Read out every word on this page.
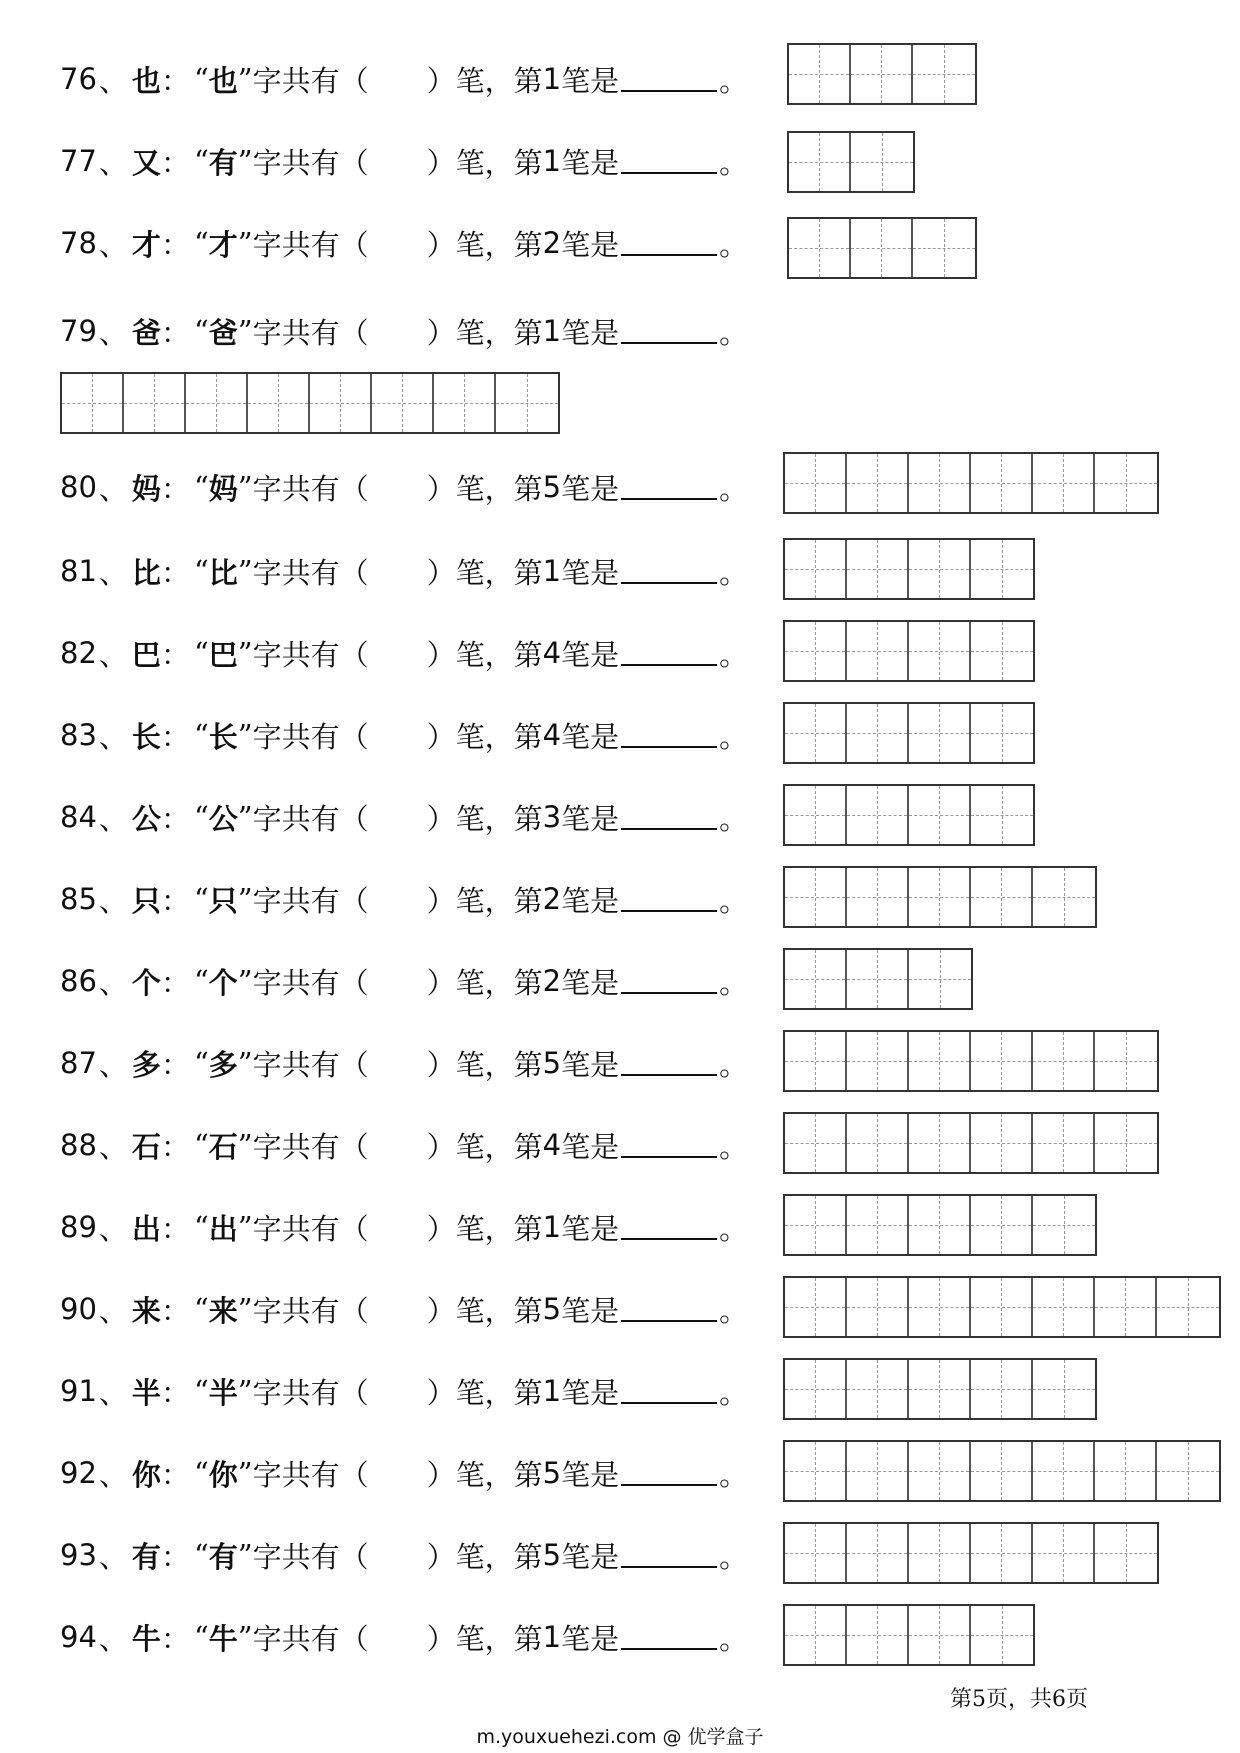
76 、 也 ： “ 也 ” 字共有（ ）笔，第 1 笔是	。
77 、 又 ： “ 有 ” 字共有（ ）笔，第 1 笔是	。
78 、 才 ： “ 才 ” 字共有（ ）笔，第 2 笔是	。
79 、 爸 ： “ 爸 ” 字共有（ ）笔，第 1 笔是	。
80 、 妈 ： “ 妈 ” 字共有（ ）笔，第 5 笔是	。
81 、 比 ： “ 比 ” 字共有（ ）笔，第 1 笔是	。
82 、 巴 ： “ 巴 ” 字共有（ ）笔，第 4 笔是	。
83 、 长 ： “ 长 ” 字共有（ ）笔，第 4 笔是	。
84 、 公 ： “ 公 ” 字共有（ ）笔，第 3 笔是	。
85 、 只 ： “ 只 ” 字共有（ ）笔，第 2 笔是	。
86 、 个 ： “ 个 ” 字共有（ ）笔，第 2 笔是	。
87 、 多 ： “ 多 ” 字共有（ ）笔，第 5 笔是	。
88 、 石 ： “ 石 ” 字共有（ ）笔，第 4 笔是	。
89 、 出 ： “ 出 ” 字共有（ ）笔，第 1 笔是	。
90 、 来 ： “ 来 ” 字共有（ ）笔，第 5 笔是	。
91 、 半 ： “ 半 ” 字共有（ ）笔，第 1 笔是	。
92 、 你 ： “ 你 ” 字共有（ ）笔，第 5 笔是	。
93 、 有 ： “ 有 ” 字共有（ ）笔，第 5 笔是	。
94 、 牛 ： “ 牛 ” 字共有（ ）笔，第 1 笔是	。
第5页，共6页
m.youxuehezi.com @ 优学盒子
